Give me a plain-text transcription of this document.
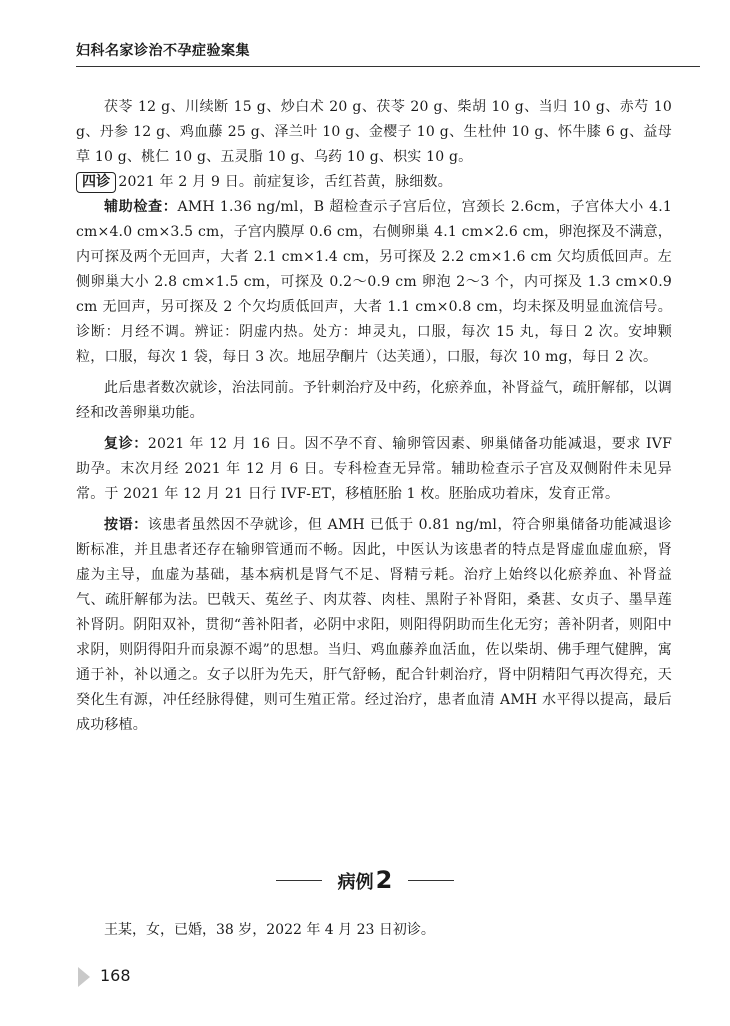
妇科名家诊治不孕症验案集

茯苓 12 g、川续断 15 g、炒白术 20 g、茯苓 20 g、柴胡 10 g、当归 10 g、赤芍 10 g、丹参 12 g、鸡血藤 25 g、泽兰叶 10 g、金樱子 10 g、生杜仲 10 g、怀牛膝 6 g、益母草 10 g、桃仁 10 g、五灵脂 10 g、乌药 10 g、枳实 10 g。

四诊 2021 年 2 月 9 日。前症复诊，舌红苔黄，脉细数。

辅助检查：AMH 1.36 ng/ml，B 超检查示子宫后位，宫颈长 2.6cm，子宫体大小 4.1 cm×4.0 cm×3.5 cm，子宫内膜厚 0.6 cm，右侧卵巢 4.1 cm×2.6 cm，卵泡探及不满意，内可探及两个无回声，大者 2.1 cm×1.4 cm，另可探及 2.2 cm×1.6 cm 欠均质低回声。左侧卵巢大小 2.8 cm×1.5 cm，可探及 0.2～0.9 cm 卵泡 2～3 个，内可探及 1.3 cm×0.9 cm 无回声，另可探及 2 个欠均质低回声，大者 1.1 cm×0.8 cm，均未探及明显血流信号。诊断：月经不调。辨证：阴虚内热。处方：坤灵丸，口服，每次 15 丸，每日 2 次。安坤颗粒，口服，每次 1 袋，每日 3 次。地屈孕酮片（达芙通），口服，每次 10 mg，每日 2 次。

此后患者数次就诊，治法同前。予针刺治疗及中药，化瘀养血，补肾益气，疏肝解郁，以调经和改善卵巢功能。

复诊：2021 年 12 月 16 日。因不孕不育、输卵管因素、卵巢储备功能减退，要求 IVF 助孕。末次月经 2021 年 12 月 6 日。专科检查无异常。辅助检查示子宫及双侧附件未见异常。于 2021 年 12 月 21 日行 IVF-ET，移植胚胎 1 枚。胚胎成功着床，发育正常。

按语：该患者虽然因不孕就诊，但 AMH 已低于 0.81 ng/ml，符合卵巢储备功能减退诊断标准，并且患者还存在输卵管通而不畅。因此，中医认为该患者的特点是肾虚血虚血瘀，肾虚为主导，血虚为基础，基本病机是肾气不足、肾精亏耗。治疗上始终以化瘀养血、补肾益气、疏肝解郁为法。巴戟天、菟丝子、肉苁蓉、肉桂、黑附子补肾阳，桑葚、女贞子、墨旱莲补肾阴。阴阳双补，贯彻“善补阳者，必阴中求阳，则阳得阴助而生化无穷；善补阴者，则阳中求阴，则阴得阳升而泉源不竭”的思想。当归、鸡血藤养血活血，佐以柴胡、佛手理气健脾，寓通于补，补以通之。女子以肝为先天，肝气舒畅，配合针刺治疗，肾中阴精阳气再次得充，天癸化生有源，冲任经脉得健，则可生殖正常。经过治疗，患者血清 AMH 水平得以提高，最后成功移植。

病例2

王某，女，已婚，38 岁，2022 年 4 月 23 日初诊。

168
